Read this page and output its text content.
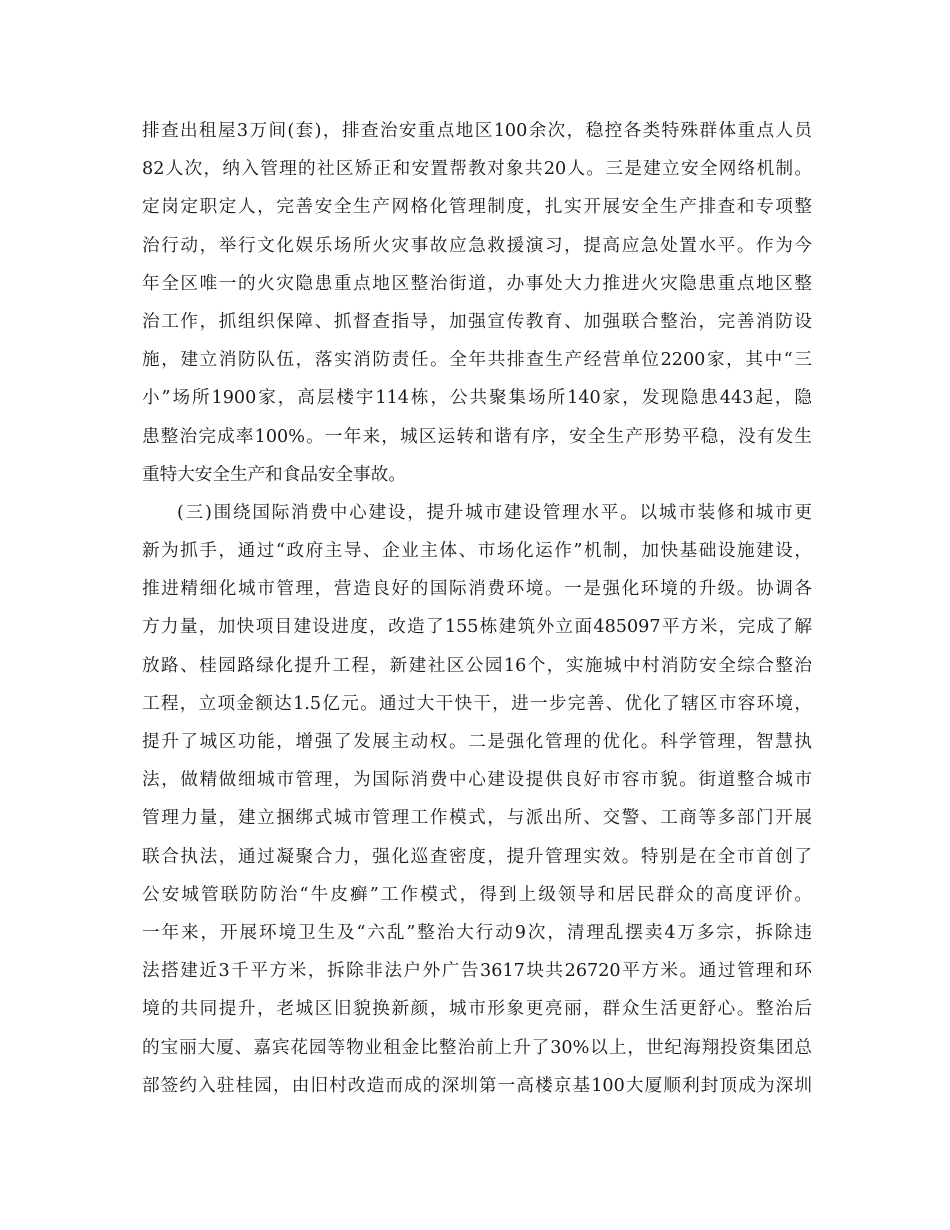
排查出租屋3万间(套)，排查治安重点地区100余次，稳控各类特殊群体重点人员
82人次，纳入管理的社区矫正和安置帮教对象共20人。三是建立安全网络机制。
定岗定职定人，完善安全生产网格化管理制度，扎实开展安全生产排查和专项整
治行动，举行文化娱乐场所火灾事故应急救援演习，提高应急处置水平。作为今
年全区唯一的火灾隐患重点地区整治街道，办事处大力推进火灾隐患重点地区整
治工作，抓组织保障、抓督查指导，加强宣传教育、加强联合整治，完善消防设
施，建立消防队伍，落实消防责任。全年共排查生产经营单位2200家，其中“三
小”场所1900家，高层楼宇114栋，公共聚集场所140家，发现隐患443起，隐
患整治完成率100%。一年来，城区运转和谐有序，安全生产形势平稳，没有发生
重特大安全生产和食品安全事故。
(三)围绕国际消费中心建设，提升城市建设管理水平。以城市装修和城市更
新为抓手，通过“政府主导、企业主体、市场化运作”机制，加快基础设施建设，
推进精细化城市管理，营造良好的国际消费环境。一是强化环境的升级。协调各
方力量，加快项目建设进度，改造了155栋建筑外立面485097平方米，完成了解
放路、桂园路绿化提升工程，新建社区公园16个，实施城中村消防安全综合整治
工程，立项金额达1.5亿元。通过大干快干，进一步完善、优化了辖区市容环境，
提升了城区功能，增强了发展主动权。二是强化管理的优化。科学管理，智慧执
法，做精做细城市管理，为国际消费中心建设提供良好市容市貌。街道整合城市
管理力量，建立捆绑式城市管理工作模式，与派出所、交警、工商等多部门开展
联合执法，通过凝聚合力，强化巡查密度，提升管理实效。特别是在全市首创了
公安城管联防防治“牛皮癣”工作模式，得到上级领导和居民群众的高度评价。
一年来，开展环境卫生及“六乱”整治大行动9次，清理乱摆卖4万多宗，拆除违
法搭建近3千平方米，拆除非法户外广告3617块共26720平方米。通过管理和环
境的共同提升，老城区旧貌换新颜，城市形象更亮丽，群众生活更舒心。整治后
的宝丽大厦、嘉宾花园等物业租金比整治前上升了30%以上，世纪海翔投资集团总
部签约入驻桂园，由旧村改造而成的深圳第一高楼京基100大厦顺利封顶成为深圳
